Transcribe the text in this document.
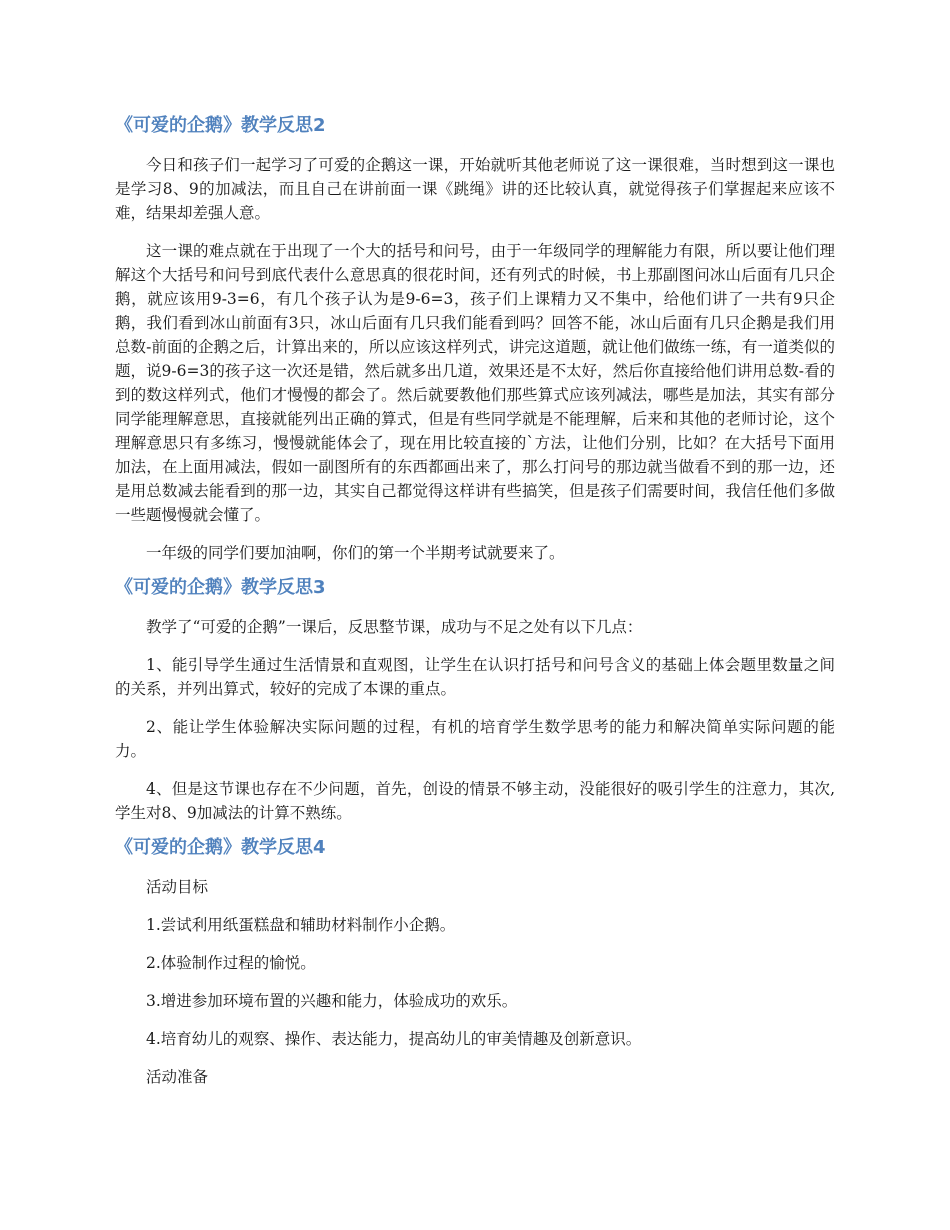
《可爱的企鹅》教学反思2

今日和孩子们一起学习了可爱的企鹅这一课，开始就听其他老师说了这一课很难，当时想到这一课也是学习8、9的加减法，而且自己在讲前面一课《跳绳》讲的还比较认真，就觉得孩子们掌握起来应该不难，结果却差强人意。

这一课的难点就在于出现了一个大的括号和问号，由于一年级同学的理解能力有限，所以要让他们理解这个大括号和问号到底代表什么意思真的很花时间，还有列式的时候，书上那副图问冰山后面有几只企鹅，就应该用9-3=6，有几个孩子认为是9-6=3，孩子们上课精力又不集中，给他们讲了一共有9只企鹅，我们看到冰山前面有3只，冰山后面有几只我们能看到吗？回答不能，冰山后面有几只企鹅是我们用总数-前面的企鹅之后，计算出来的，所以应该这样列式，讲完这道题，就让他们做练一练，有一道类似的题，说9-6=3的孩子这一次还是错，然后就多出几道，效果还是不太好，然后你直接给他们讲用总数-看的到的数这样列式，他们才慢慢的都会了。然后就要教他们那些算式应该列减法，哪些是加法，其实有部分同学能理解意思，直接就能列出正确的算式，但是有些同学就是不能理解，后来和其他的老师讨论，这个理解意思只有多练习，慢慢就能体会了，现在用比较直接的`方法，让他们分别，比如？在大括号下面用加法，在上面用减法，假如一副图所有的东西都画出来了，那么打问号的那边就当做看不到的那一边，还是用总数减去能看到的那一边，其实自己都觉得这样讲有些搞笑，但是孩子们需要时间，我信任他们多做一些题慢慢就会懂了。

一年级的同学们要加油啊，你们的第一个半期考试就要来了。

《可爱的企鹅》教学反思3

教学了“可爱的企鹅”一课后，反思整节课，成功与不足之处有以下几点：

1、能引导学生通过生活情景和直观图，让学生在认识打括号和问号含义的基础上体会题里数量之间的关系，并列出算式，较好的完成了本课的重点。

2、能让学生体验解决实际问题的过程，有机的培育学生数学思考的能力和解决简单实际问题的能力。

4、但是这节课也存在不少问题，首先，创设的情景不够主动，没能很好的吸引学生的注意力，其次,学生对8、9加减法的计算不熟练。

《可爱的企鹅》教学反思4

活动目标

1.尝试利用纸蛋糕盘和辅助材料制作小企鹅。

2.体验制作过程的愉悦。

3.增进参加环境布置的兴趣和能力，体验成功的欢乐。

4.培育幼儿的观察、操作、表达能力，提高幼儿的审美情趣及创新意识。

活动准备
